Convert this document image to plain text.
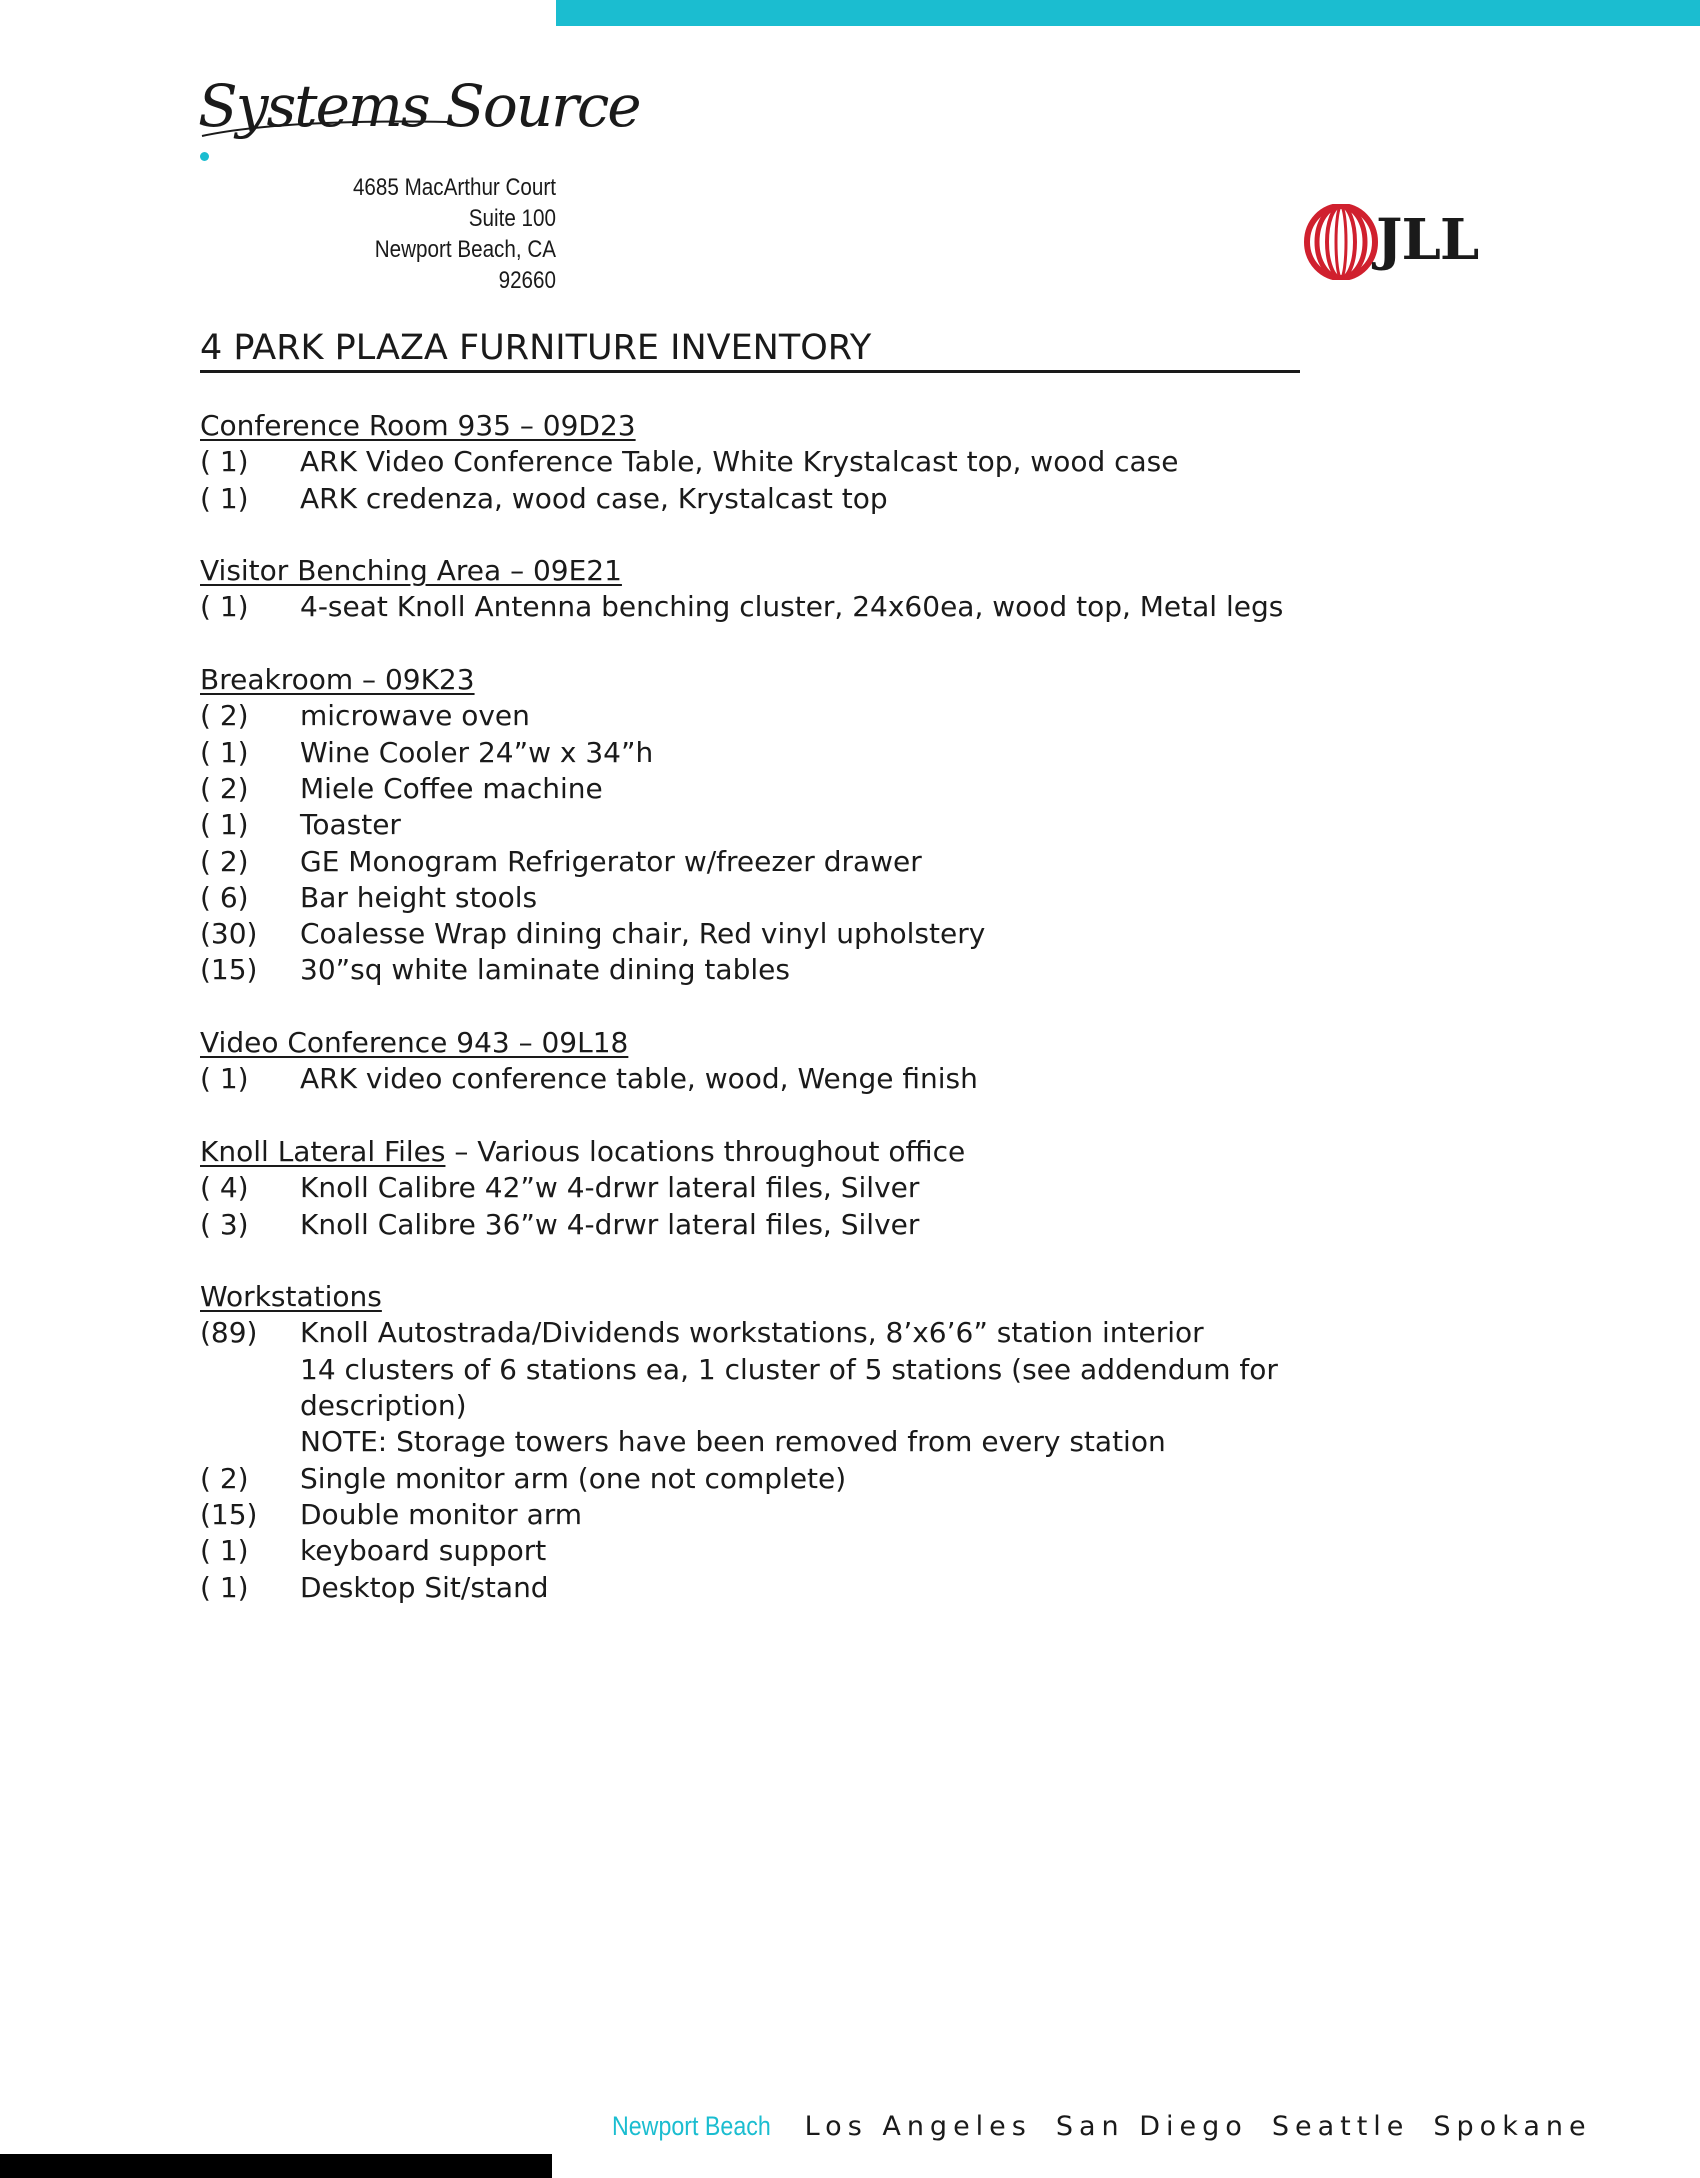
Systems Source
4685 MacArthur Court
Suite 100
Newport Beach, CA
92660
JLL
4 PARK PLAZA FURNITURE INVENTORY
Conference Room 935 – 09D23
( 1)	ARK Video Conference Table, White Krystalcast top, wood case
( 1)	ARK credenza, wood case, Krystalcast top
Visitor Benching Area – 09E21
( 1)	4-seat Knoll Antenna benching cluster, 24x60ea, wood top, Metal legs
Breakroom – 09K23
( 2)	microwave oven
( 1)	Wine Cooler 24”w x 34”h
( 2)	Miele Coffee machine
( 1)	Toaster
( 2)	GE Monogram Refrigerator w/freezer drawer
( 6)	Bar height stools
(30)	Coalesse Wrap dining chair, Red vinyl upholstery
(15)	30”sq white laminate dining tables
Video Conference 943 – 09L18
( 1)	ARK video conference table, wood, Wenge finish
Knoll Lateral Files – Various locations throughout office
( 4)	Knoll Calibre 42”w 4-drwr lateral files, Silver
( 3)	Knoll Calibre 36”w 4-drwr lateral files, Silver
Workstations
(89)	Knoll Autostrada/Dividends workstations, 8’x6’6” station interior
14 clusters of 6 stations ea, 1 cluster of 5 stations (see addendum for
description)
NOTE: Storage towers have been removed from every station
( 2)	Single monitor arm (one not complete)
(15)	Double monitor arm
( 1)	keyboard support
( 1)	Desktop Sit/stand
Newport Beach Los Angeles San Diego Seattle Spokane
